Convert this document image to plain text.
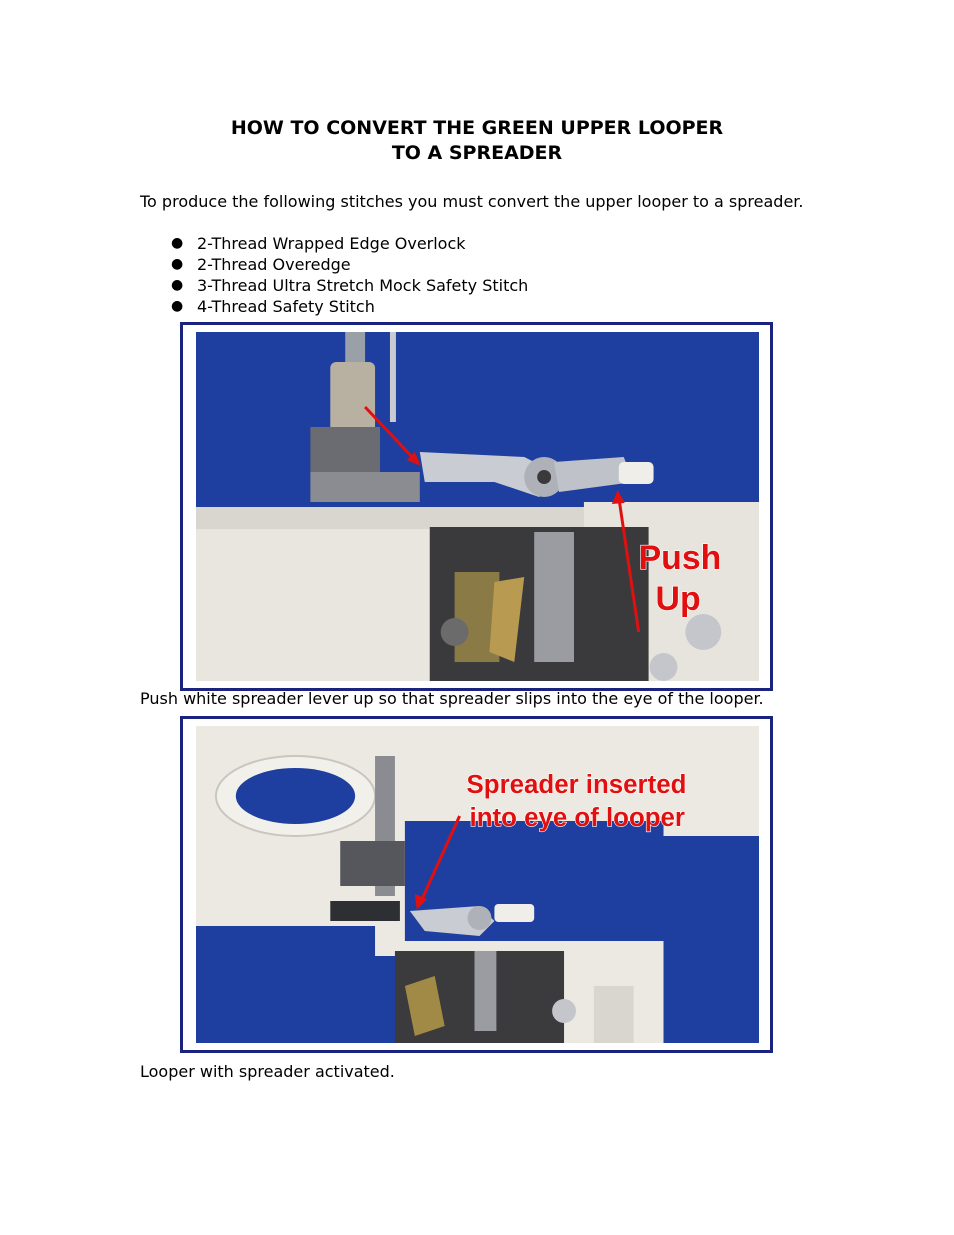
HOW TO CONVERT THE GREEN UPPER LOOPER
TO A SPREADER
To produce the following stitches you must convert the upper looper to a spreader.
● 2-Thread Wrapped Edge Overlock
● 2-Thread Overedge
● 3-Thread Ultra Stretch Mock Safety Stitch
● 4-Thread Safety Stitch
Push
Up
Push white spreader lever up so that spreader slips into the eye of the looper.
Spreader inserted
into eye of looper
Looper with spreader activated.
